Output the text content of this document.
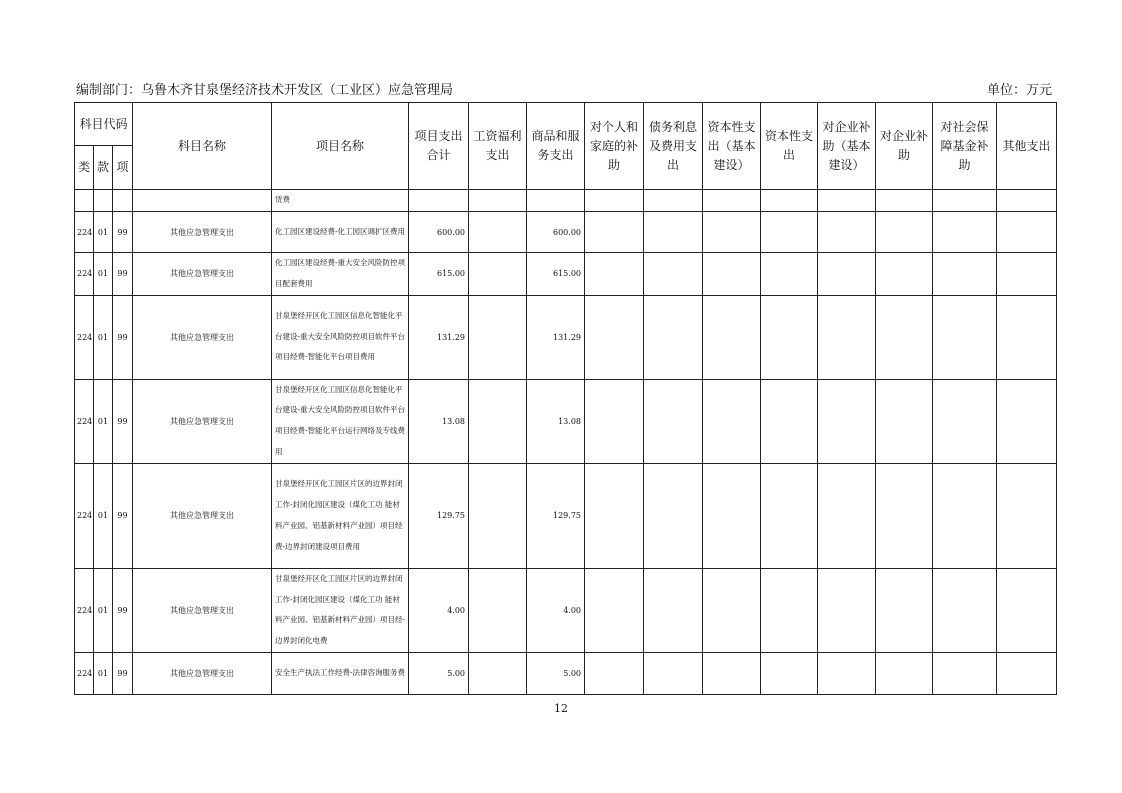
编制部门：乌鲁木齐甘泉堡经济技术开发区（工业区）应急管理局	单位：万元
科目代码			科目名称	项目名称	项目支出合计	工资福利支出	商品和服务支出	对个人和家庭的补助	债务利息及费用支出	资本性支出（基本建设）	资本性支出	对企业补助（基本建设）	对企业补助	对社会保障基金补助	其他支出
类	款	项													
				赁费											
224	01	99	其他应急管理支出	化工园区建设经费-化工园区调扩区费用	600.00		600.00								
224	01	99	其他应急管理支出	化工园区建设经费-重大安全风险防控项目配套费用	615.00		615.00								
224	01	99	其他应急管理支出	甘泉堡经开区化工园区信息化智能化平台建设-重大安全风险防控项目软件平台项目经费-智能化平台项目费用	131.29		131.29								
224	01	99	其他应急管理支出	甘泉堡经开区化工园区信息化智能化平台建设-重大安全风险防控项目软件平台项目经费-智能化平台运行网络及专线费用	13.08		13.08								
224	01	99	其他应急管理支出	甘泉堡经开区化工园区片区的边界封闭工作-封闭化园区建设（煤化工功 能材料产业园、铝基新材料产业园）项目经费-边界封闭建设项目费用	129.75		129.75								
224	01	99	其他应急管理支出	甘泉堡经开区化工园区片区的边界封闭工作-封闭化园区建设（煤化工功 能材料产业园、铝基新材料产业园）项目经-边界封闭化电费	4.00		4.00								
224	01	99	其他应急管理支出	安全生产执法工作经费-法律咨询服务费	5.00		5.00								
12
